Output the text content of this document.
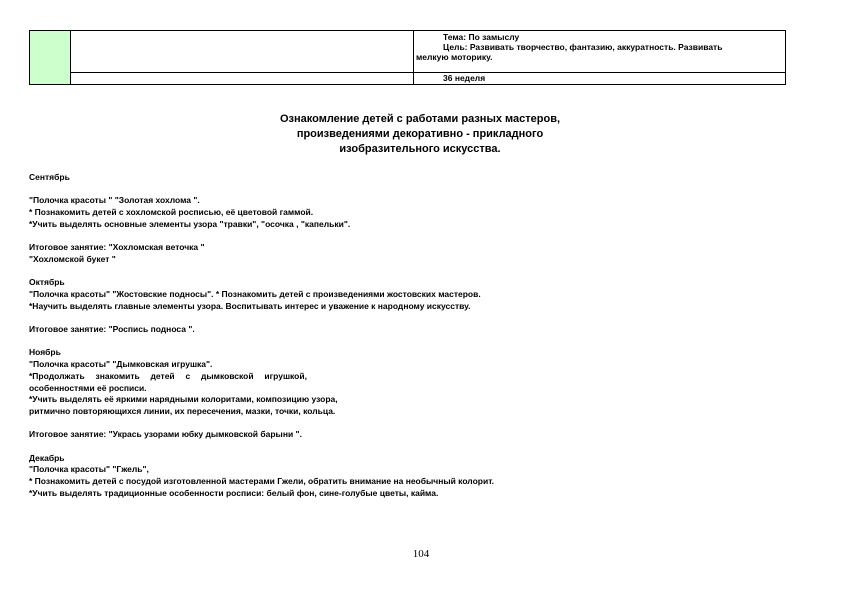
		Тема: По замыслу
Цель: Развивать творчество, фантазию, аккуратность. Развивать
мелкую моторику.

		36 неделя
Ознакомление детей с работами разных мастеров,
произведениями декоративно - прикладного
изобразительного искусства.

Сентябрь

"Полочка красоты " "Золотая хохлома ".

* Познакомить детей с хохломской росписью, её цветовой гаммой.

*Учить выделять основные элементы узора "травки", "осочка , "капельки".

Итоговое занятие: "Хохломская веточка "

"Хохломской букет "

Октябрь

"Полочка красоты" "Жостовские подносы". * Познакомить детей с произведениями жостовских мастеров.

*Научить выделять главные элементы узора. Воспитывать интерес и уважение к народному искусству.

Итоговое занятие: "Роспись подноса ".

Ноябрь

"Полочка красоты" "Дымковская игрушка".

*Продолжать знакомить детей с дымковской игрушкой,

особенностями её росписи.

*Учить выделять её яркими нарядными колоритами, композицию узора,

ритмично повторяющихся линии, их пересечения, мазки, точки, кольца.

Итоговое занятие: "Укрась узорами юбку дымковской барыни ".

Декабрь

"Полочка красоты" "Гжель",

* Познакомить детей с посудой изготовленной мастерами Гжели, обратить внимание на необычный колорит.

*Учить выделять традиционные особенности росписи: белый фон, сине-голубые цветы, кайма.

104
